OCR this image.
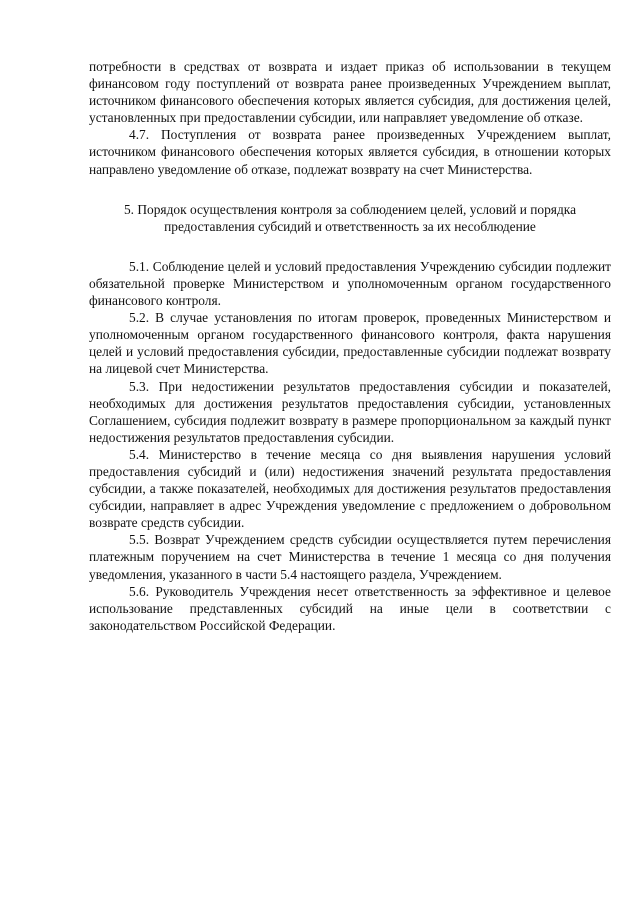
потребности в средствах от возврата и издает приказ об использовании в текущем финансовом году поступлений от возврата ранее произведенных Учреждением выплат, источником финансового обеспечения которых является субсидия, для достижения целей, установленных при предоставлении субсидии, или направляет уведомление об отказе.

4.7. Поступления от возврата ранее произведенных Учреждением выплат, источником финансового обеспечения которых является субсидия, в отношении которых направлено уведомление об отказе, подлежат возврату на счет Министерства.

5. Порядок осуществления контроля за соблюдением целей, условий и порядка предоставления субсидий и ответственность за их несоблюдение

5.1. Соблюдение целей и условий предоставления Учреждению субсидии подлежит обязательной проверке Министерством и уполномоченным органом государственного финансового контроля.

5.2. В случае установления по итогам проверок, проведенных Министерством и уполномоченным органом государственного финансового контроля, факта нарушения целей и условий предоставления субсидии, предоставленные субсидии подлежат возврату на лицевой счет Министерства.

5.3. При недостижении результатов предоставления субсидии и показателей, необходимых для достижения результатов предоставления субсидии, установленных Соглашением, субсидия подлежит возврату в размере пропорциональном за каждый пункт недостижения результатов предоставления субсидии.

5.4. Министерство в течение месяца со дня выявления нарушения условий предоставления субсидий и (или) недостижения значений результата предоставления субсидии, а также показателей, необходимых для достижения результатов предоставления субсидии, направляет в адрес Учреждения уведомление с предложением о добровольном возврате средств субсидии.

5.5. Возврат Учреждением средств субсидии осуществляется путем перечисления платежным поручением на счет Министерства в течение 1 месяца со дня получения уведомления, указанного в части 5.4 настоящего раздела, Учреждением.

5.6. Руководитель Учреждения несет ответственность за эффективное и целевое использование представленных субсидий на иные цели в соответствии с законодательством Российской Федерации.
